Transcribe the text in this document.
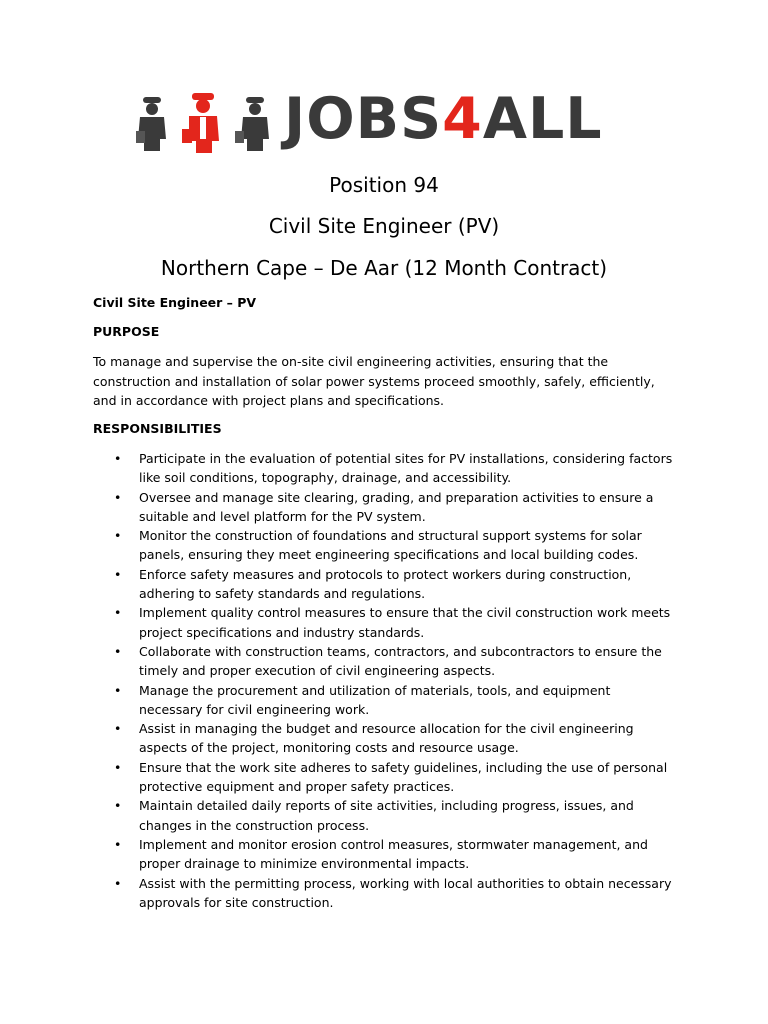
JOBS4ALL
Position 94
Civil Site Engineer (PV)
Northern Cape – De Aar (12 Month Contract)
Civil Site Engineer – PV
PURPOSE
To manage and supervise the on-site civil engineering activities, ensuring that the
construction and installation of solar power systems proceed smoothly, safely, efficiently,
and in accordance with project plans and specifications.
RESPONSIBILITIES
• Participate in the evaluation of potential sites for PV installations, considering factors
like soil conditions, topography, drainage, and accessibility.
• Oversee and manage site clearing, grading, and preparation activities to ensure a
suitable and level platform for the PV system.
• Monitor the construction of foundations and structural support systems for solar
panels, ensuring they meet engineering specifications and local building codes.
• Enforce safety measures and protocols to protect workers during construction,
adhering to safety standards and regulations.
• Implement quality control measures to ensure that the civil construction work meets
project specifications and industry standards.
• Collaborate with construction teams, contractors, and subcontractors to ensure the
timely and proper execution of civil engineering aspects.
• Manage the procurement and utilization of materials, tools, and equipment
necessary for civil engineering work.
• Assist in managing the budget and resource allocation for the civil engineering
aspects of the project, monitoring costs and resource usage.
• Ensure that the work site adheres to safety guidelines, including the use of personal
protective equipment and proper safety practices.
• Maintain detailed daily reports of site activities, including progress, issues, and
changes in the construction process.
• Implement and monitor erosion control measures, stormwater management, and
proper drainage to minimize environmental impacts.
• Assist with the permitting process, working with local authorities to obtain necessary
approvals for site construction.
